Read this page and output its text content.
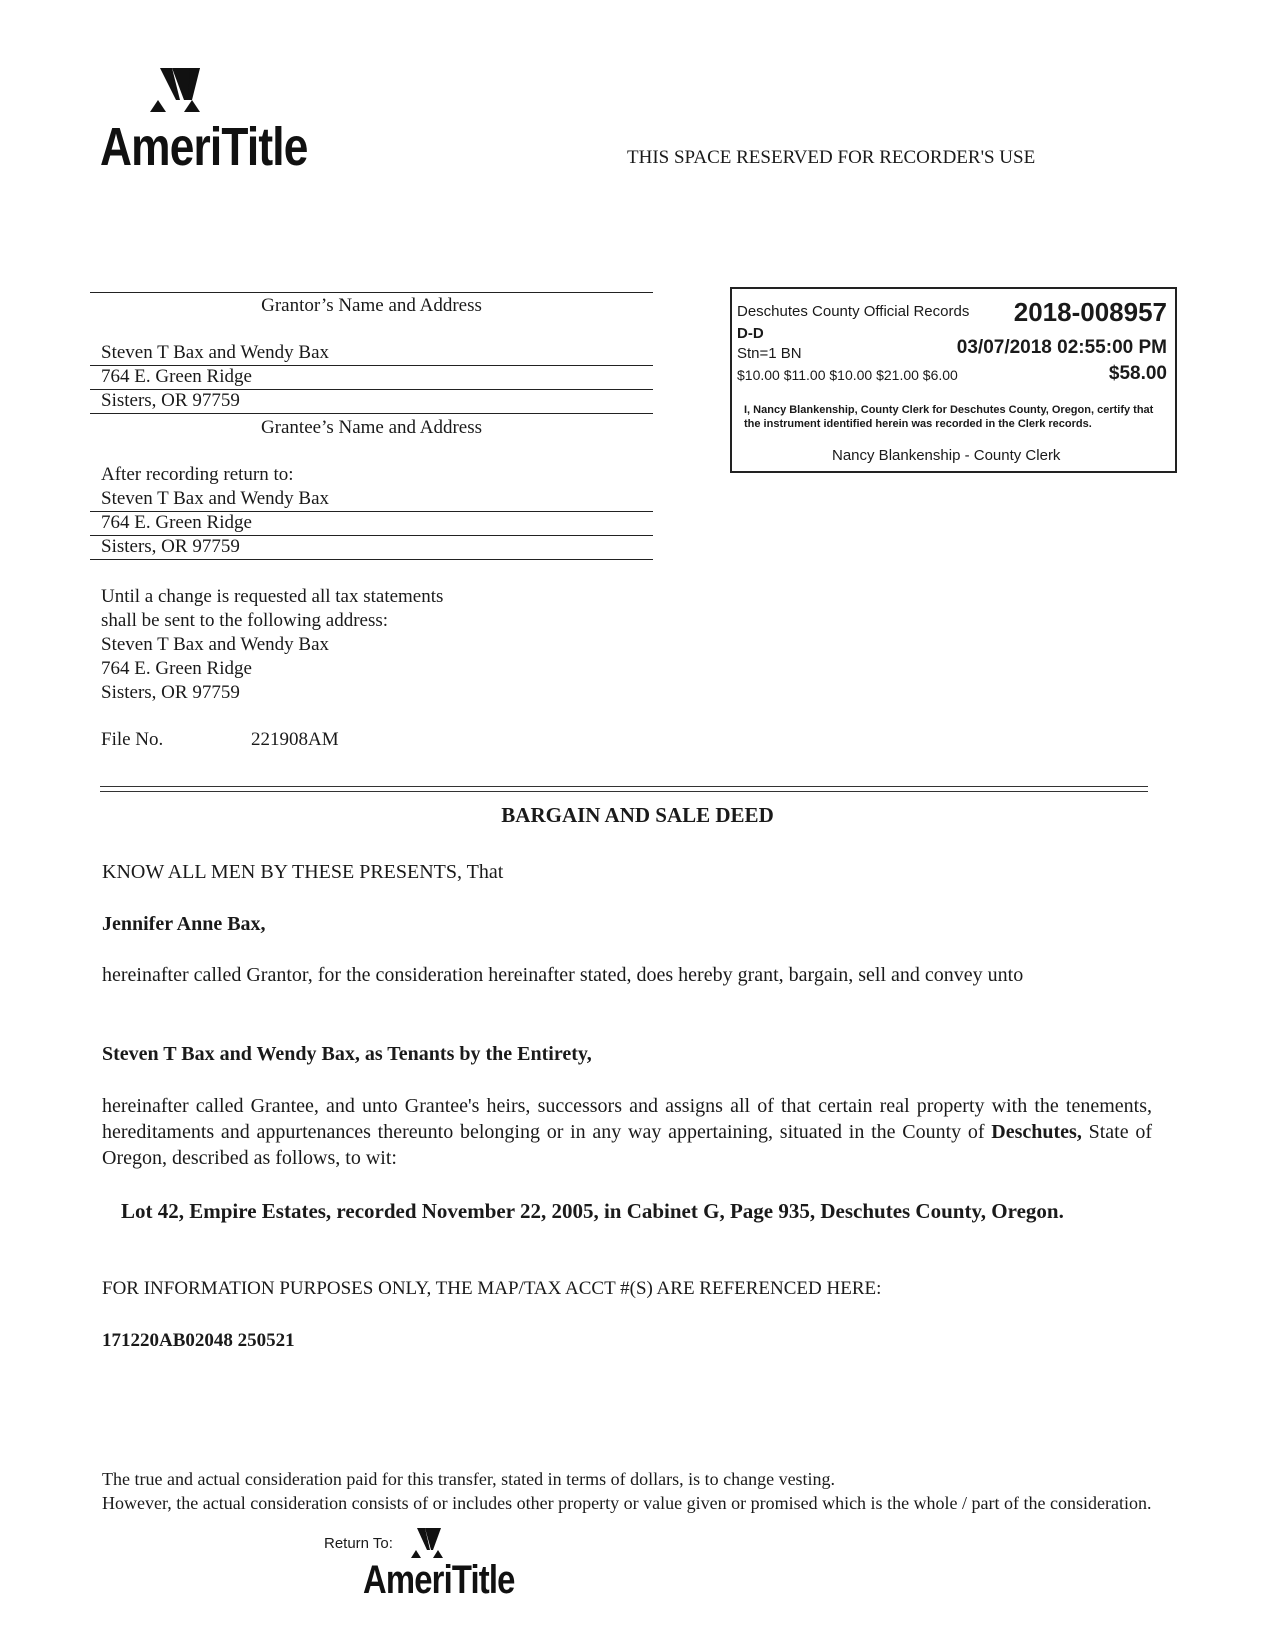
AmeriTitle	THIS SPACE RESERVED FOR RECORDER'S USE
Grantor’s Name and Address
Steven T Bax and Wendy Bax
764 E. Green Ridge
Sisters, OR 97759
Grantee’s Name and Address
After recording return to:
Steven T Bax and Wendy Bax
764 E. Green Ridge
Sisters, OR 97759
Until a change is requested all tax statements
shall be sent to the following address:
Steven T Bax and Wendy Bax
764 E. Green Ridge
Sisters, OR 97759
File No.	221908AM
Deschutes County Official Records 2018-008957
D-D
Stn=1 BN	03/07/2018 02:55:00 PM
$10.00 $11.00 $10.00 $21.00 $6.00	$58.00
I, Nancy Blankenship, County Clerk for Deschutes County, Oregon, certify that the instrument identified herein was recorded in the Clerk records.
Nancy Blankenship - County Clerk
BARGAIN AND SALE DEED
KNOW ALL MEN BY THESE PRESENTS, That
Jennifer Anne Bax,
hereinafter called Grantor, for the consideration hereinafter stated, does hereby grant, bargain, sell and convey unto
Steven T Bax and Wendy Bax, as Tenants by the Entirety,
hereinafter called Grantee, and unto Grantee's heirs, successors and assigns all of that certain real property with the tenements, hereditaments and appurtenances thereunto belonging or in any way appertaining, situated in the County of Deschutes, State of Oregon, described as follows, to wit:
Lot 42, Empire Estates, recorded November 22, 2005, in Cabinet G, Page 935, Deschutes County, Oregon.
FOR INFORMATION PURPOSES ONLY, THE MAP/TAX ACCT #(S) ARE REFERENCED HERE:
171220AB02048 250521
The true and actual consideration paid for this transfer, stated in terms of dollars, is to change vesting.
However, the actual consideration consists of or includes other property or value given or promised which is the whole / part of the consideration.
Return To:
AmeriTitle
